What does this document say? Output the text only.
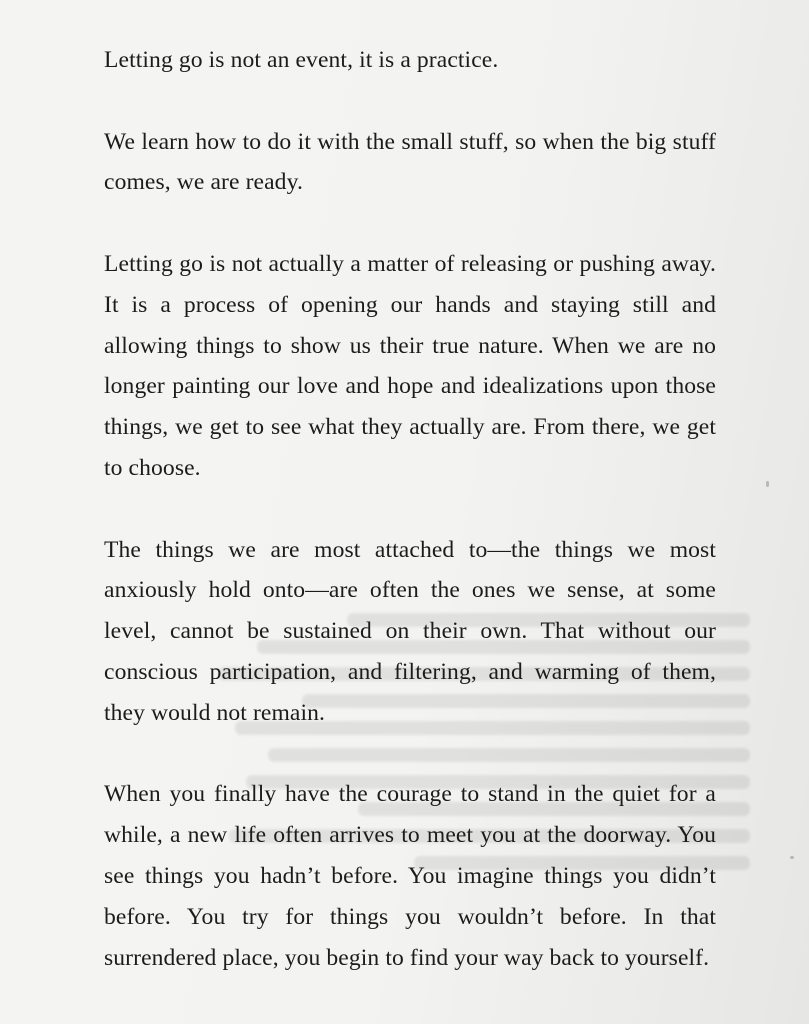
Letting go is not an event, it is a practice.

We learn how to do it with the small stuff, so when the big stuff comes, we are ready.

Letting go is not actually a matter of releasing or pushing away. It is a process of opening our hands and staying still and allowing things to show us their true nature. When we are no longer painting our love and hope and idealizations upon those things, we get to see what they actually are. From there, we get to choose.

The things we are most attached to—the things we most anxiously hold onto—are often the ones we sense, at some level, cannot be sustained on their own. That without our conscious participation, and filtering, and warming of them, they would not remain.

When you finally have the courage to stand in the quiet for a while, a new life often arrives to meet you at the doorway. You see things you hadn’t before. You imagine things you didn’t before. You try for things you wouldn’t before. In that surrendered place, you begin to find your way back to yourself.
